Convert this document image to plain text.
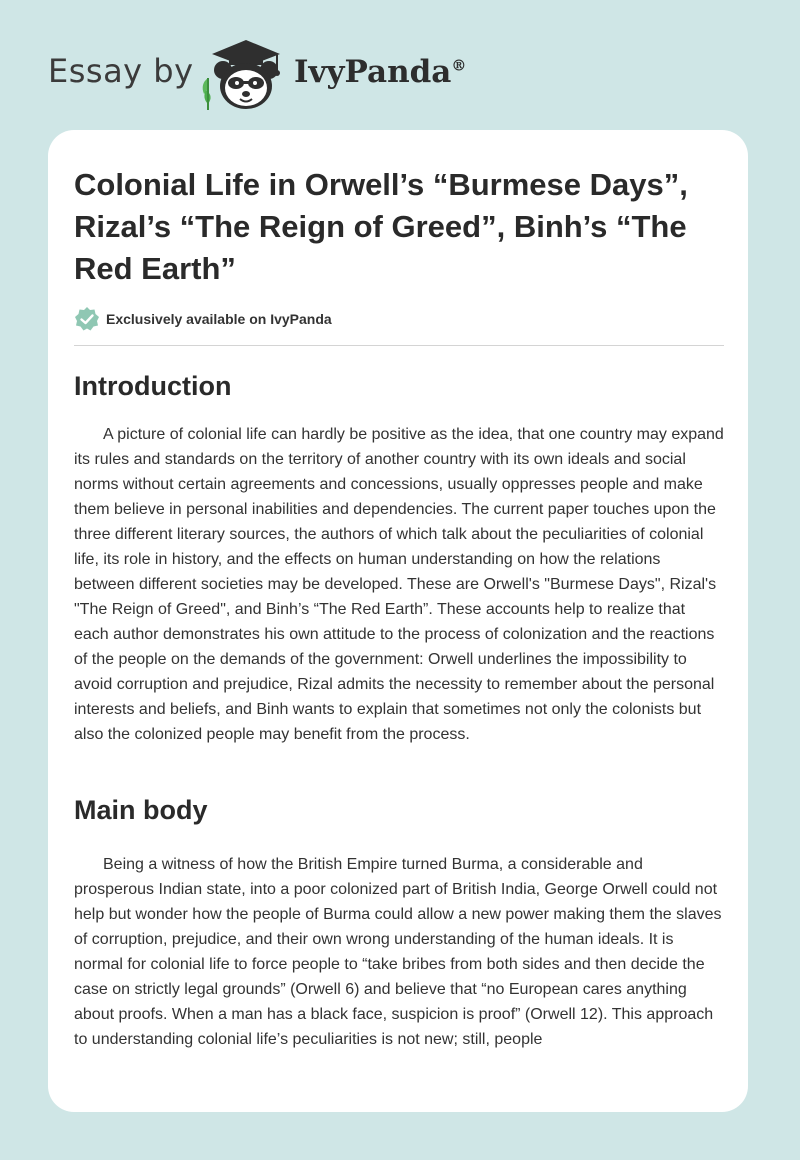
Essay by	IvyPanda®
Colonial Life in Orwell’s “Burmese Days”, Rizal’s “The Reign of Greed”, Binh’s “The Red Earth”
Exclusively available on IvyPanda
Introduction

A picture of colonial life can hardly be positive as the idea, that one country may expand its rules and standards on the territory of another country with its own ideals and social norms without certain agreements and concessions, usually oppresses people and make them believe in personal inabilities and dependencies. The current paper touches upon the three different literary sources, the authors of which talk about the peculiarities of colonial life, its role in history, and the effects on human understanding on how the relations between different societies may be developed. These are Orwell's "Burmese Days", Rizal's "The Reign of Greed", and Binh’s “The Red Earth”. These accounts help to realize that each author demonstrates his own attitude to the process of colonization and the reactions of the people on the demands of the government: Orwell underlines the impossibility to avoid corruption and prejudice, Rizal admits the necessity to remember about the personal interests and beliefs, and Binh wants to explain that sometimes not only the colonists but also the colonized people may benefit from the process.

Main body

Being a witness of how the British Empire turned Burma, a considerable and prosperous Indian state, into a poor colonized part of British India, George Orwell could not help but wonder how the people of Burma could allow a new power making them the slaves of corruption, prejudice, and their own wrong understanding of the human ideals. It is normal for colonial life to force people to “take bribes from both sides and then decide the case on strictly legal grounds” (Orwell 6) and believe that “no European cares anything about proofs. When a man has a black face, suspicion is proof” (Orwell 12). This approach to understanding colonial life’s peculiarities is not new; still, people
